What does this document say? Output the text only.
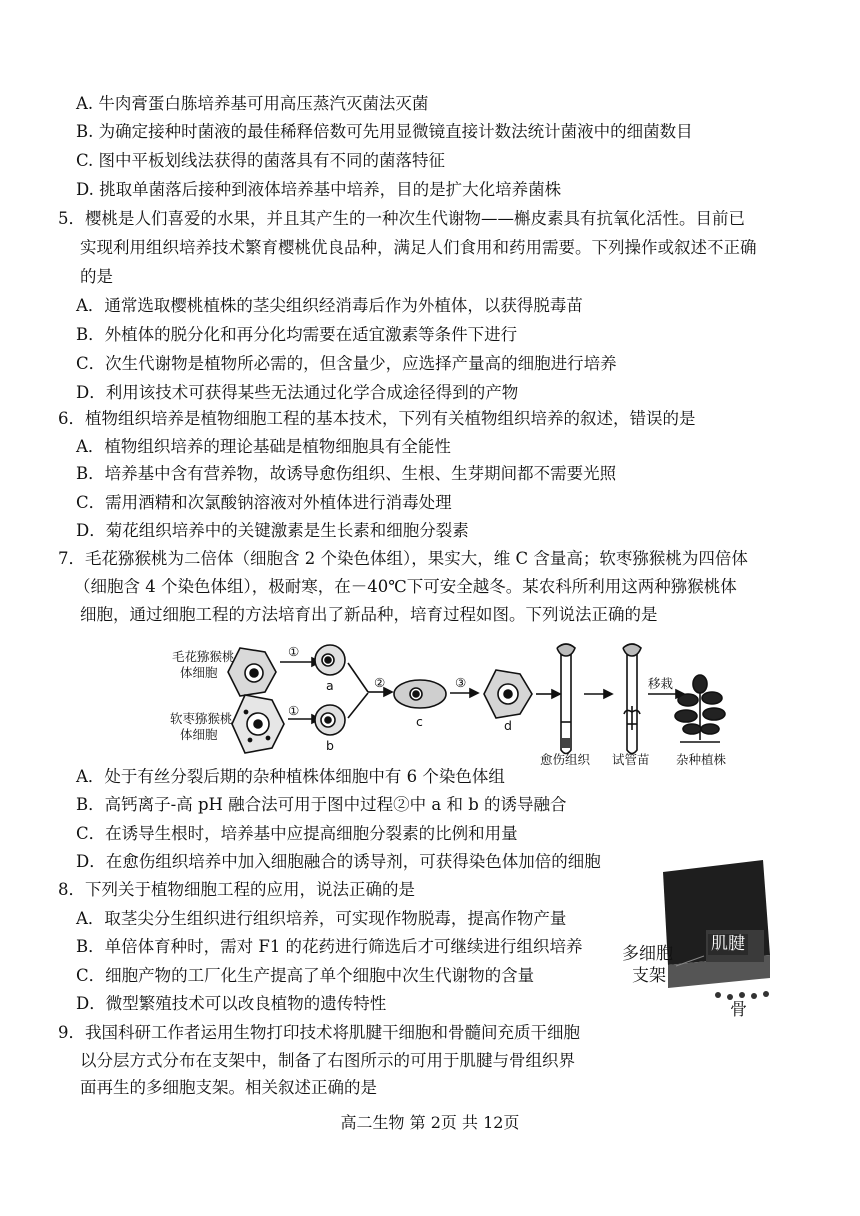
A. 牛肉膏蛋白胨培养基可用高压蒸汽灭菌法灭菌
B. 为确定接种时菌液的最佳稀释倍数可先用显微镜直接计数法统计菌液中的细菌数目
C. 图中平板划线法获得的菌落具有不同的菌落特征
D. 挑取单菌落后接种到液体培养基中培养，目的是扩大化培养菌株
5．樱桃是人们喜爱的水果，并且其产生的一种次生代谢物——槲皮素具有抗氧化活性。目前已
实现利用组织培养技术繁育樱桃优良品种，满足人们食用和药用需要。下列操作或叙述不正确
的是
A．通常选取樱桃植株的茎尖组织经消毒后作为外植体，以获得脱毒苗
B．外植体的脱分化和再分化均需要在适宜激素等条件下进行
C．次生代谢物是植物所必需的，但含量少，应选择产量高的细胞进行培养
D．利用该技术可获得某些无法通过化学合成途径得到的产物
6．植物组织培养是植物细胞工程的基本技术，下列有关植物组织培养的叙述，错误的是
A．植物组织培养的理论基础是植物细胞具有全能性
B．培养基中含有营养物，故诱导愈伤组织、生根、生芽期间都不需要光照
C．需用酒精和次氯酸钠溶液对外植体进行消毒处理
D．菊花组织培养中的关键激素是生长素和细胞分裂素
7．毛花猕猴桃为二倍体（细胞含 2 个染色体组），果实大，维 C 含量高；软枣猕猴桃为四倍体
（细胞含 4 个染色体组），极耐寒，在－40℃下可安全越冬。某农科所利用这两种猕猴桃体
细胞，通过细胞工程的方法培育出了新品种，培育过程如图。下列说法正确的是
毛花猕猴桃
体细胞
软枣猕猴桃
体细胞
①
①
②	③
a
b
c	d
愈伤组织 试管苗
移栽
杂种植株
A．处于有丝分裂后期的杂种植株体细胞中有 6 个染色体组
B．高钙离子-高 pH 融合法可用于图中过程②中 a 和 b 的诱导融合
C．在诱导生根时，培养基中应提高细胞分裂素的比例和用量
D．在愈伤组织培养中加入细胞融合的诱导剂，可获得染色体加倍的细胞
8．下列关于植物细胞工程的应用，说法正确的是
A．取茎尖分生组织进行组织培养，可实现作物脱毒，提高作物产量
B．单倍体育种时，需对 F1 的花药进行筛选后才可继续进行组织培养
C．细胞产物的工厂化生产提高了单个细胞中次生代谢物的含量
D．微型繁殖技术可以改良植物的遗传特性
多细胞
支架
肌腱
骨
9．我国科研工作者运用生物打印技术将肌腱干细胞和骨髓间充质干细胞
以分层方式分布在支架中，制备了右图所示的可用于肌腱与骨组织界
面再生的多细胞支架。相关叙述正确的是
高二生物 第 2页 共 12页
